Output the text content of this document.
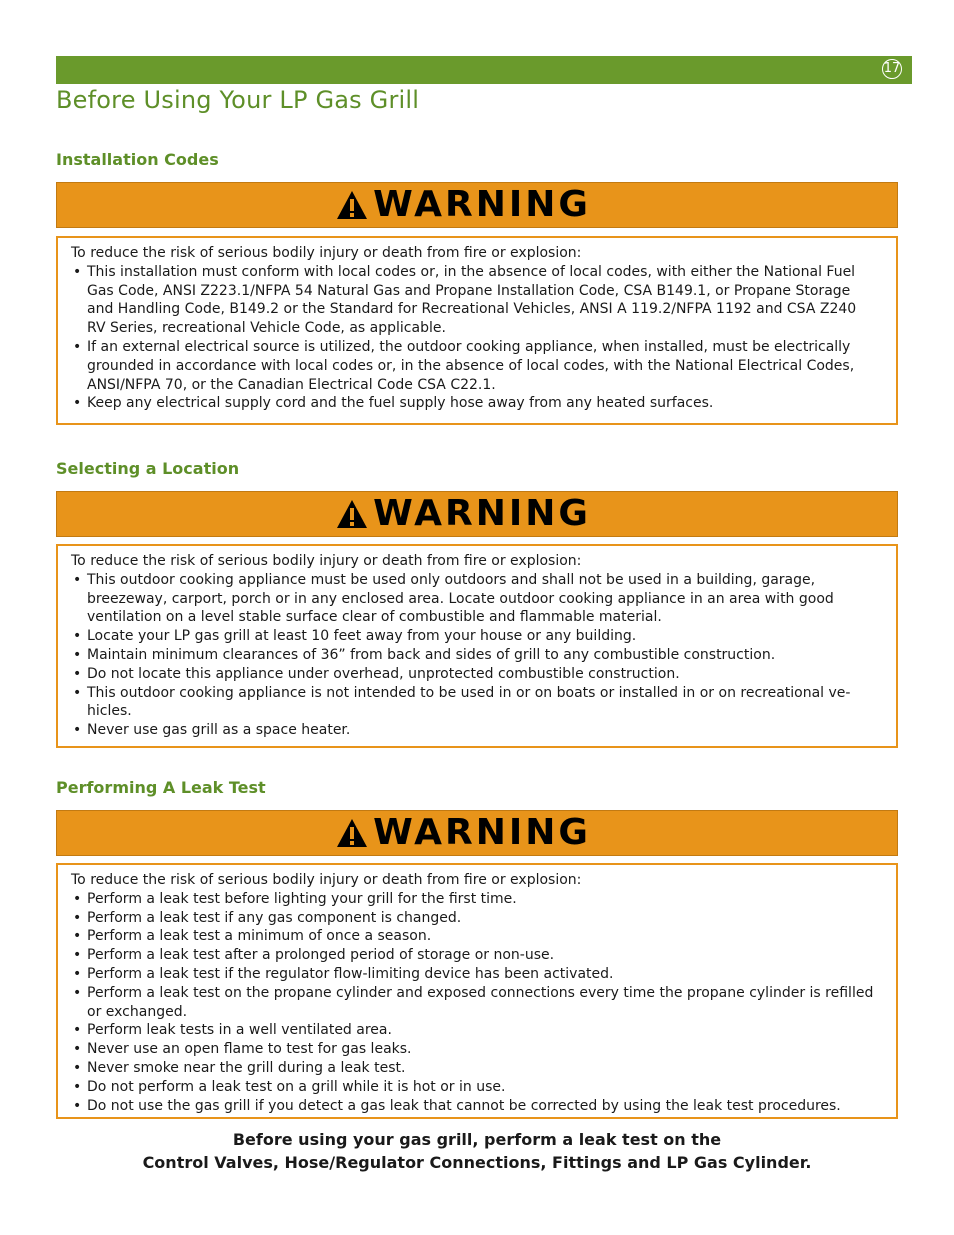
17
Before Using Your LP Gas Grill
Installation Codes
WARNING

To reduce the risk of serious bodily injury or death from fire or explosion:

• This installation must conform with local codes or, in the absence of local codes, with either the National Fuel Gas Code, ANSI Z223.1/NFPA 54 Natural Gas and Propane Installation Code, CSA B149.1, or Propane Storage and Handling Code, B149.2 or the Standard for Recreational Vehicles, ANSI A 119.2/NFPA 1192 and CSA Z240 RV Series, recreational Vehicle Code, as applicable.
• If an external electrical source is utilized, the outdoor cooking appliance, when installed, must be electrically grounded in accordance with local codes or, in the absence of local codes, with the National Electrical Codes, ANSI/NFPA 70, or the Canadian Electrical Code CSA C22.1.
• Keep any electrical supply cord and the fuel supply hose away from any heated surfaces.
Selecting a Location
WARNING

To reduce the risk of serious bodily injury or death from fire or explosion:

• This outdoor cooking appliance must be used only outdoors and shall not be used in a building, garage, breezeway, carport, porch or in any enclosed area. Locate outdoor cooking appliance in an area with good ventilation on a level stable surface clear of combustible and flammable material.
• Locate your LP gas grill at least 10 feet away from your house or any building.
• Maintain minimum clearances of 36” from back and sides of grill to any combustible construction.
• Do not locate this appliance under overhead, unprotected combustible construction.
• This outdoor cooking appliance is not intended to be used in or on boats or installed in or on recreational ve- hicles.
• Never use gas grill as a space heater.
Performing A Leak Test
WARNING

To reduce the risk of serious bodily injury or death from fire or explosion:

• Perform a leak test before lighting your grill for the first time.
• Perform a leak test if any gas component is changed.
• Perform a leak test a minimum of once a season.
• Perform a leak test after a prolonged period of storage or non-use.
• Perform a leak test if the regulator flow-limiting device has been activated.
• Perform a leak test on the propane cylinder and exposed connections every time the propane cylinder is refilled or exchanged.
• Perform leak tests in a well ventilated area.
• Never use an open flame to test for gas leaks.
• Never smoke near the grill during a leak test.
• Do not perform a leak test on a grill while it is hot or in use.
• Do not use the gas grill if you detect a gas leak that cannot be corrected by using the leak test procedures.

Before using your gas grill, perform a leak test on the
Control Valves, Hose/Regulator Connections, Fittings and LP Gas Cylinder.
